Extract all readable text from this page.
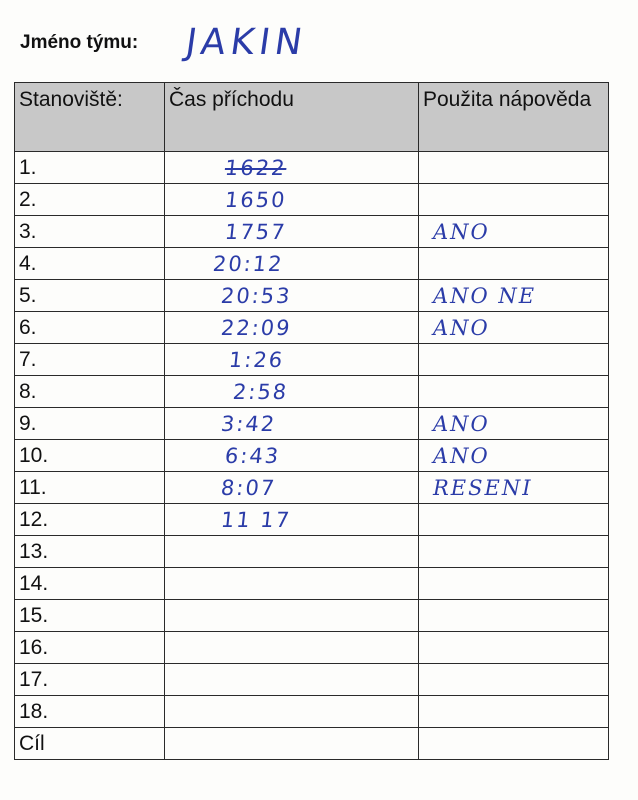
Jméno týmu: JAKIN
Stanoviště:	Čas příchodu	Použita nápověda
1.	1622	
2.	1650	
3.	1757	ANO
4.	20:12	
5.	20:53	ANO NE
6.	22:09	ANO
7.	1:26	
8.	2:58	
9.	3:42	ANO
10.	6:43	ANO
11.	8:07	RESENI
12.	11 17	
13.		
14.		
15.		
16.		
17.		
18.		
Cíl		
